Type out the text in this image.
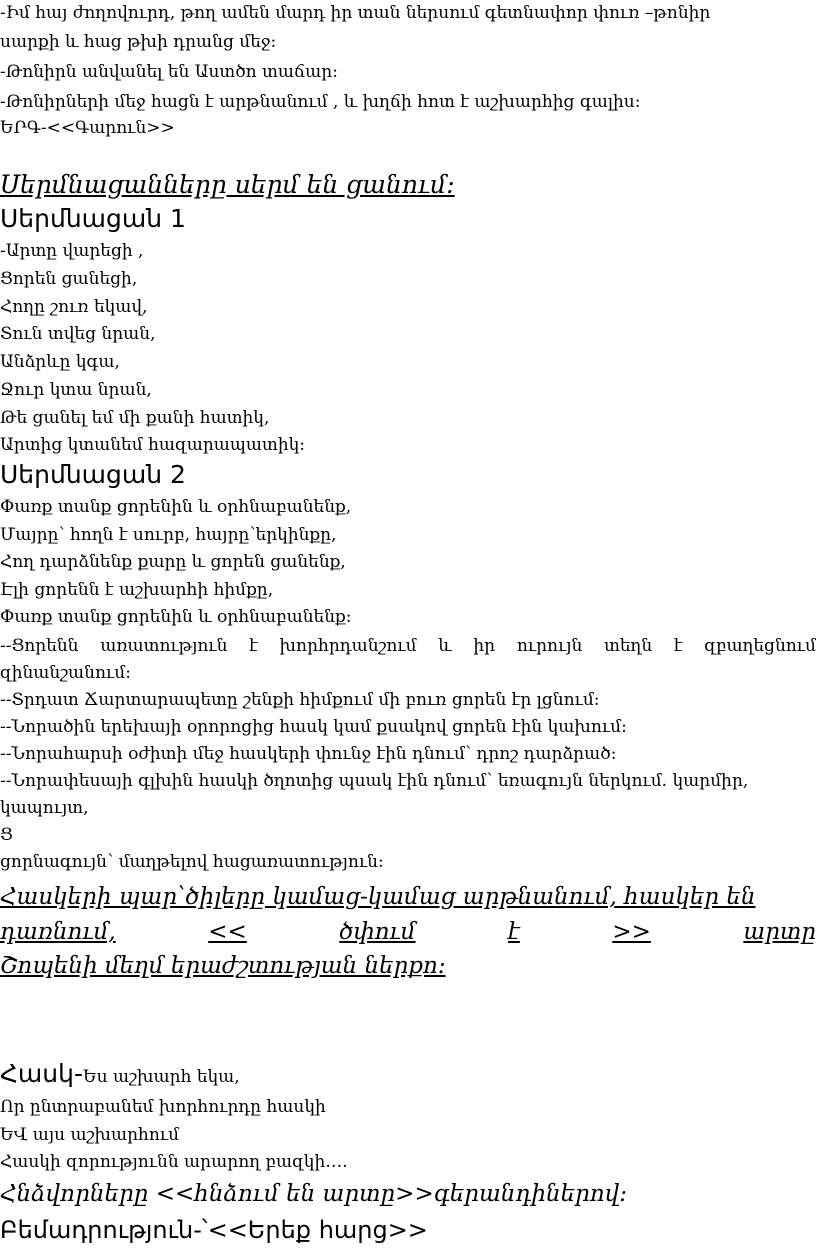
-Իմ հայ ժողովուրդ, թող ամեն մարդ իր տան ներսում գետնափոր փուռ –թոնիր
սարքի և հաց թխի դրանց մեջ:
-Թոնիրն անվանել են Աստծո տաճար:
-Թոնիրների մեջ հացն է արթնանում , և խղճի հոտ է աշխարհից գալիս:
ԵՐԳ-<<Գարուն>>
Սերմնացանները սերմ են ցանում:
Սերմնացան 1
-Արտը վարեցի ,
Ցորեն ցանեցի,
Հողը շուռ եկավ,
Տուն տվեց նրան,
Անձրևը կգա,
Ջուր կտա նրան,
Թե ցանել եմ մի քանի հատիկ,
Արտից կտանեմ հազարապատիկ:
Սերմնացան 2
Փառք տանք ցորենին և օրհնաբանենք,
Մայրը՝ հողն է սուրբ, հայրը՝երկինքը,
Հող դարձնենք քարը և ցորեն ցանենք,
Էլի ցորենն է աշխարհի հիմքը,
Փառք տանք ցորենին և օրհնաբանենք:
--Ցորենն առատություն է խորհրդանշում և իր ուրույն տեղն է զբաղեցնում
զինանշանում:
--Տրդատ Ճարտարապետը շենքի հիմքում մի բուռ ցորեն էր լցնում:
--Նորածին երեխայի օրորոցից հասկ կամ քսակով ցորեն էին կախում:
--Նորահարսի օժիտի մեջ հասկերի փունջ էին դնում՝ դրոշ դարձրած:
--Նորափեսայի գլխին հասկի ծղոտից պսակ էին դնում՝ եռագույն ներկում. կարմիր,
կապույտ,
Ց
ցորնագույն՝ մաղթելով հացառատություն:
Հասկերի պար՝ծիլերը կամաց-կամաց արթնանում, հասկեր են
դառնում,	<<	ծփում	է	>>	արտը
Շոպենի մեղմ երաժշտության ներքո:
Հասկ-Ես աշխարհ եկա,
Որ ընտրաբանեմ խորհուրդը հասկի
ԵՎ այս աշխարհում
Հասկի զորությունն արարող բազկի….
Հնձվորները <<հնձում են արտը>>գերանդիներով:
Բեմադրություն-՝<<Երեք հարց>>
